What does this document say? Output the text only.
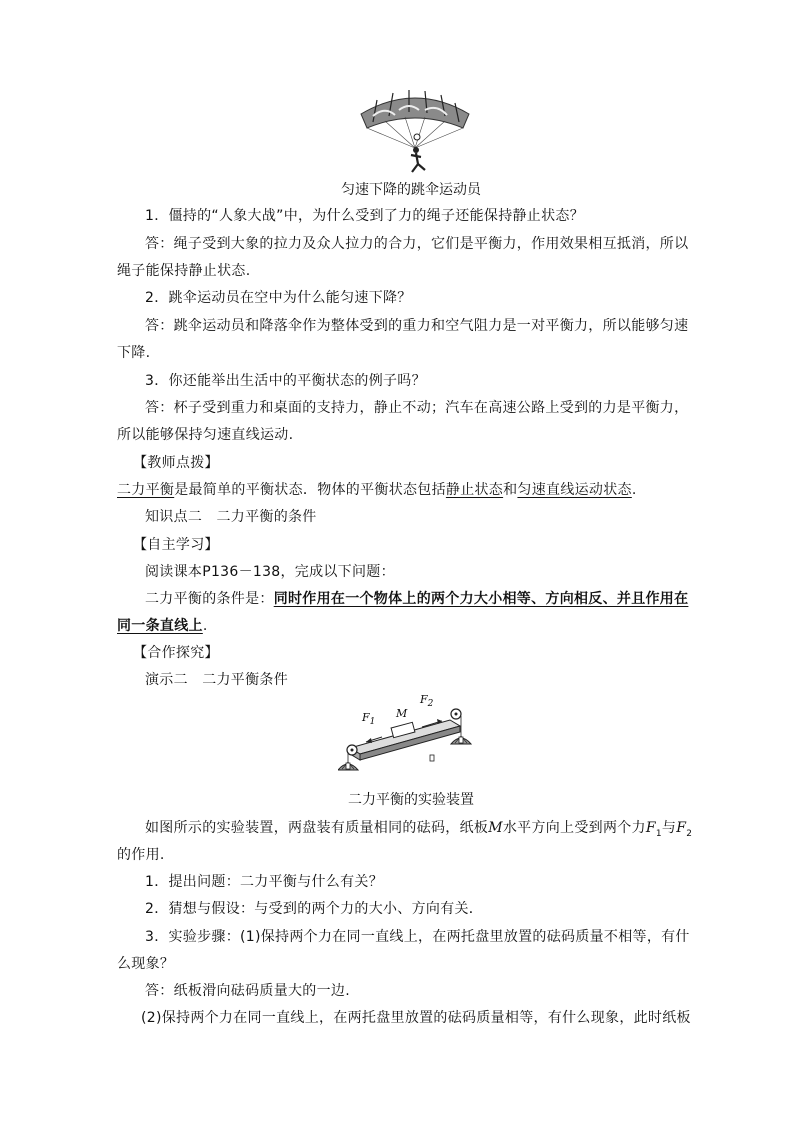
匀速下降的跳伞运动员
1．僵持的“人象大战”中，为什么受到了力的绳子还能保持静止状态？
答：绳子受到大象的拉力及众人拉力的合力，它们是平衡力，作用效果相互抵消，所以
绳子能保持静止状态.
2．跳伞运动员在空中为什么能匀速下降？
答：跳伞运动员和降落伞作为整体受到的重力和空气阻力是一对平衡力，所以能够匀速
下降.
3．你还能举出生活中的平衡状态的例子吗？
答：杯子受到重力和桌面的支持力，静止不动；汽车在高速公路上受到的力是平衡力，
所以能够保持匀速直线运动.
【教师点拨】
二力平衡是最简单的平衡状态．物体的平衡状态包括静止状态和匀速直线运动状态.
知识点二　二力平衡的条件
【自主学习】
阅读课本P136－138，完成以下问题：
二力平衡的条件是：同时作用在一个物体上的两个力大小相等、方向相反、并且作用在
同一条直线上.
【合作探究】
演示二　二力平衡条件
$F_1$
M
$F_2$
二力平衡的实验装置
如图所示的实验装置，两盘装有质量相同的砝码，纸板M水平方向上受到两个力$F_1$与$F_2$
的作用.
1．提出问题：二力平衡与什么有关？
2．猜想与假设：与受到的两个力的大小、方向有关．
3．实验步骤：(1)保持两个力在同一直线上，在两托盘里放置的砝码质量不相等，有什
么现象？
答：纸板滑向砝码质量大的一边.
(2)保持两个力在同一直线上，在两托盘里放置的砝码质量相等，有什么现象，此时纸板
